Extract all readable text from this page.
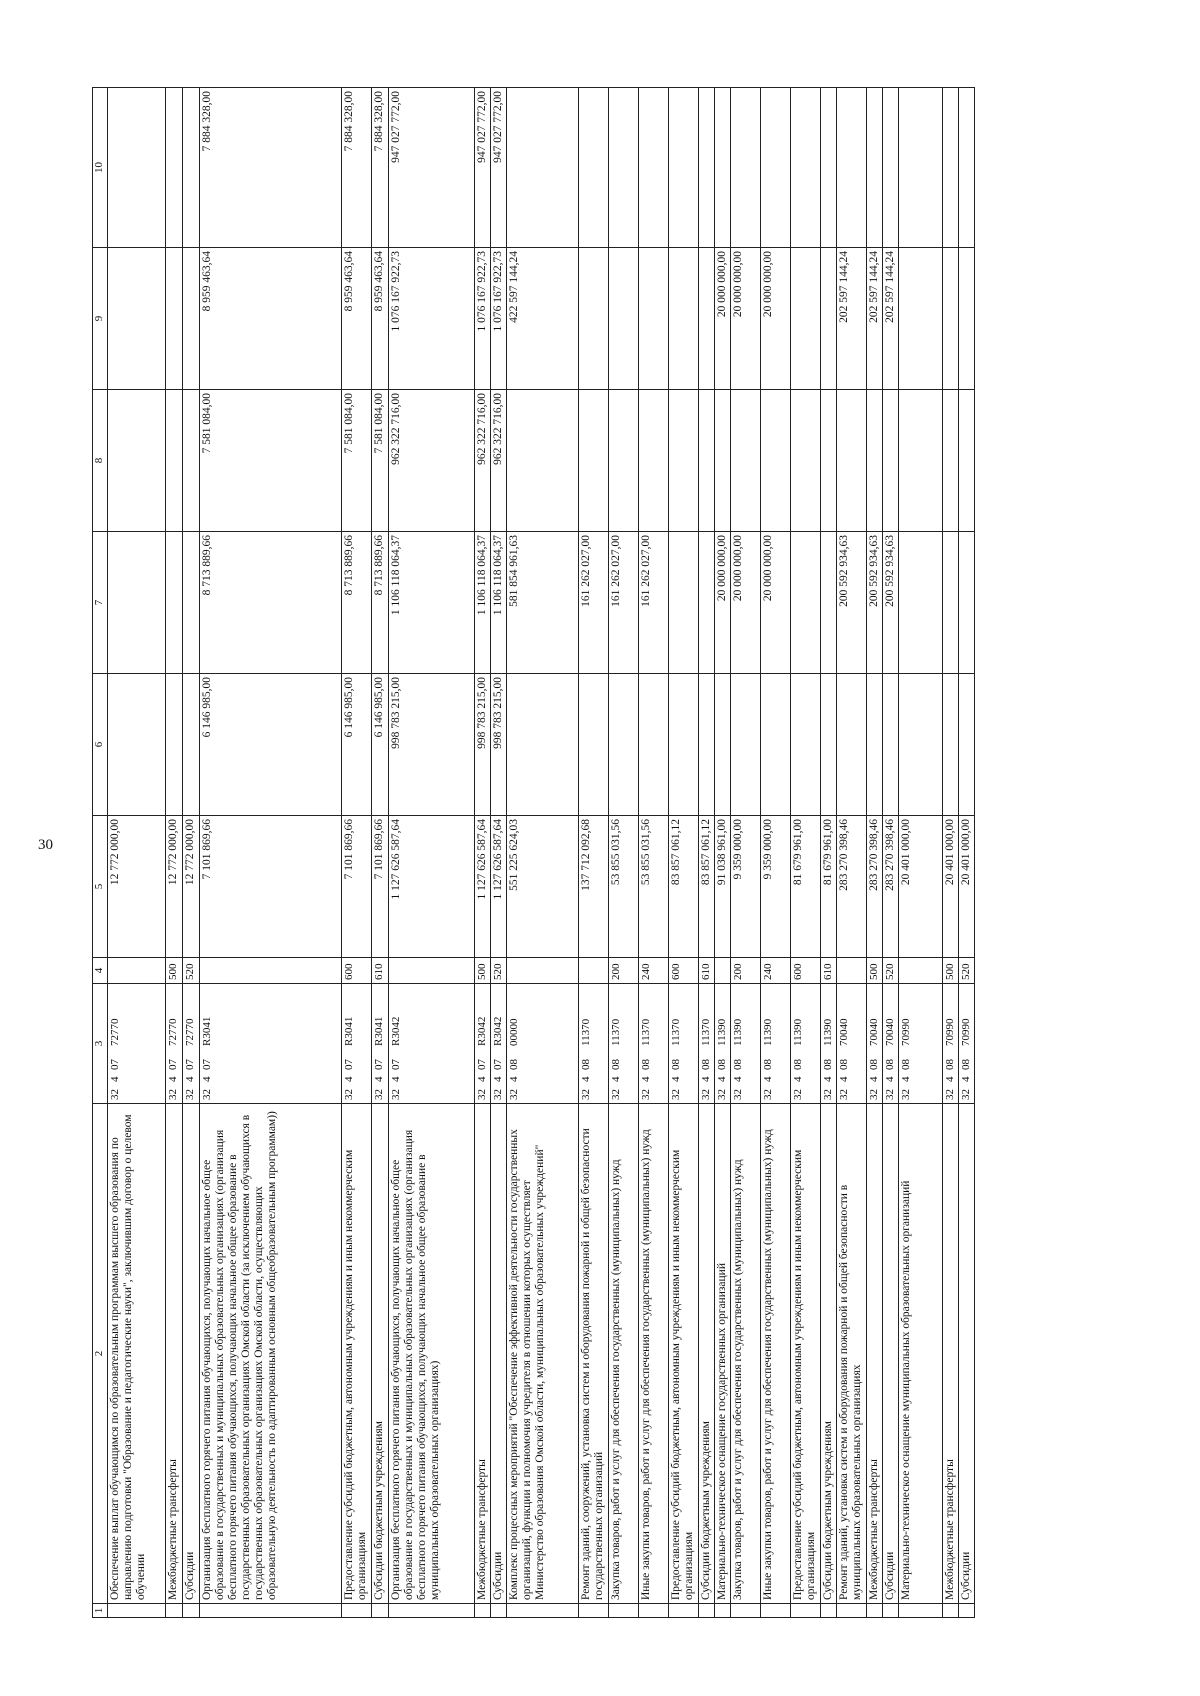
30
1	2	3	4	5	6	7	8	9	10
	Обеспечение выплат обучающимся по образовательным программам высшего образования по направлению подготовки "Образование и педагогические науки", заключившим договор о целевом обучении	3240772770		12 772 000,00					
	Межбюджетные трансферты	3240772770	500	12 772 000,00					
	Субсидии	3240772770	520	12 772 000,00					
	Организация бесплатного горячего питания обучающихся, получающих начальное общее образование в государственных и муниципальных образовательных организациях (организация бесплатного горячего питания обучающихся, получающих начальное общее образование в государственных образовательных организациях Омской области (за исключением обучающихся в государственных образовательных организациях Омской области, осуществляющих образовательную деятельность по адаптированным основным общеобразовательным программам))	32407R3041		7 101 869,66	6 146 985,00	8 713 889,66	7 581 084,00	8 959 463,64	7 884 328,00
	Предоставление субсидий бюджетным, автономным учреждениям и иным некоммерческим организациям	32407R3041	600	7 101 869,66	6 146 985,00	8 713 889,66	7 581 084,00	8 959 463,64	7 884 328,00
	Субсидии бюджетным учреждениям	32407R3041	610	7 101 869,66	6 146 985,00	8 713 889,66	7 581 084,00	8 959 463,64	7 884 328,00
	Организация бесплатного горячего питания обучающихся, получающих начальное общее образование в государственных и муниципальных образовательных организациях (организация бесплатного горячего питания обучающихся, получающих начальное общее образование в муниципальных образовательных организациях)	32407R3042		1 127 626 587,64	998 783 215,00	1 106 118 064,37	962 322 716,00	1 076 167 922,73	947 027 772,00
	Межбюджетные трансферты	32407R3042	500	1 127 626 587,64	998 783 215,00	1 106 118 064,37	962 322 716,00	1 076 167 922,73	947 027 772,00
	Субсидии	32407R3042	520	1 127 626 587,64	998 783 215,00	1 106 118 064,37	962 322 716,00	1 076 167 922,73	947 027 772,00
	Комплекс процессных мероприятий "Обеспечение эффективной деятельности государственных организаций, функции и полномочия учредителя в отношении которых осуществляет Министерство образования Омской области, муниципальных образовательных учреждений"	3240800000		551 225 624,03		581 854 961,63		422 597 144,24	
	Ремонт зданий, сооружений, установка систем и оборудования пожарной и общей безопасности государственных организаций	3240811370		137 712 092,68		161 262 027,00			
	Закупка товаров, работ и услуг для обеспечения государственных (муниципальных) нужд	3240811370	200	53 855 031,56		161 262 027,00			
	Иные закупки товаров, работ и услуг для обеспечения государственных (муниципальных) нужд	3240811370	240	53 855 031,56		161 262 027,00			
	Предоставление субсидий бюджетным, автономным учреждениям и иным некоммерческим организациям	3240811370	600	83 857 061,12					
	Субсидии бюджетным учреждениям	3240811370	610	83 857 061,12					
	Материально-техническое оснащение государственных организаций	3240811390		91 038 961,00		20 000 000,00		20 000 000,00	
	Закупка товаров, работ и услуг для обеспечения государственных (муниципальных) нужд	3240811390	200	9 359 000,00		20 000 000,00		20 000 000,00	
	Иные закупки товаров, работ и услуг для обеспечения государственных (муниципальных) нужд	3240811390	240	9 359 000,00		20 000 000,00		20 000 000,00	
	Предоставление субсидий бюджетным, автономным учреждениям и иным некоммерческим организациям	3240811390	600	81 679 961,00					
	Субсидии бюджетным учреждениям	3240811390	610	81 679 961,00					
	Ремонт зданий, установка систем и оборудования пожарной и общей безопасности в муниципальных образовательных организациях	3240870040		283 270 398,46		200 592 934,63		202 597 144,24	
	Межбюджетные трансферты	3240870040	500	283 270 398,46		200 592 934,63		202 597 144,24	
	Субсидии	3240870040	520	283 270 398,46		200 592 934,63		202 597 144,24	
	Материально-техническое оснащение муниципальных образовательных организаций	3240870990		20 401 000,00					
	Межбюджетные трансферты	3240870990	500	20 401 000,00					
	Субсидии	3240870990	520	20 401 000,00					
